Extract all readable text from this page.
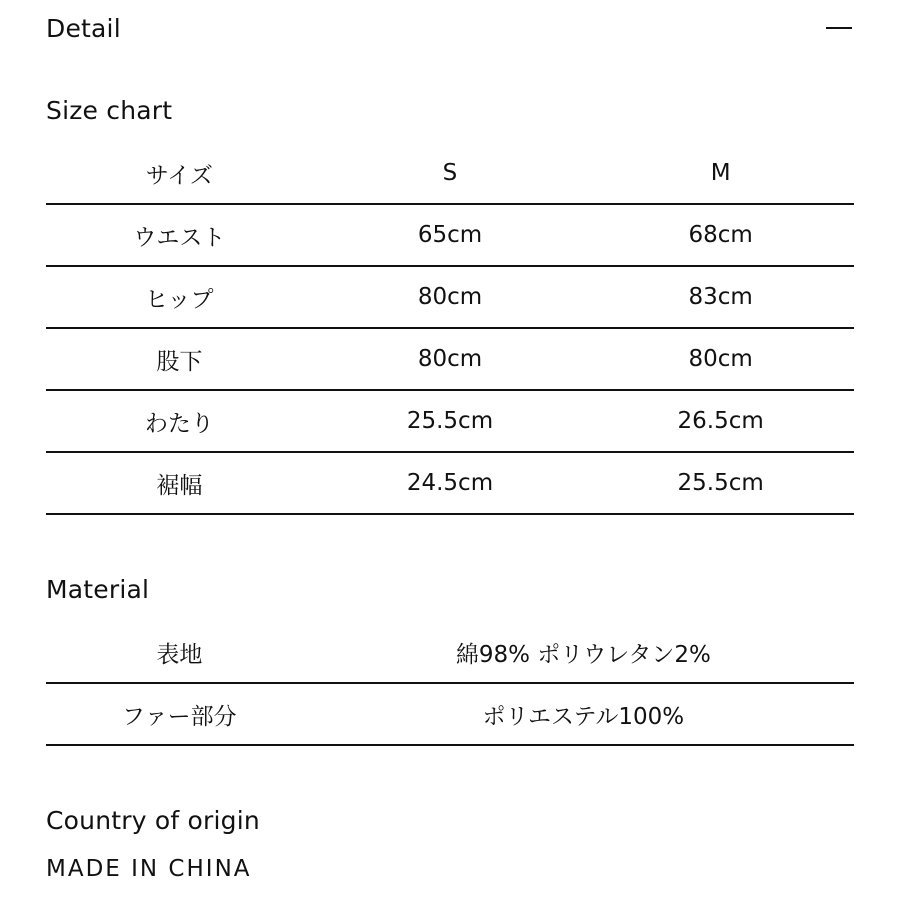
Detail
Size chart
サイズ	S	M
ウエスト	65cm	68cm
ヒップ	80cm	83cm
股下	80cm	80cm
わたり	25.5cm	26.5cm
裾幅	24.5cm	25.5cm
Material
表地	綿98% ポリウレタン2%
ファー部分	ポリエステル100%
Country of origin
MADE IN CHINA
